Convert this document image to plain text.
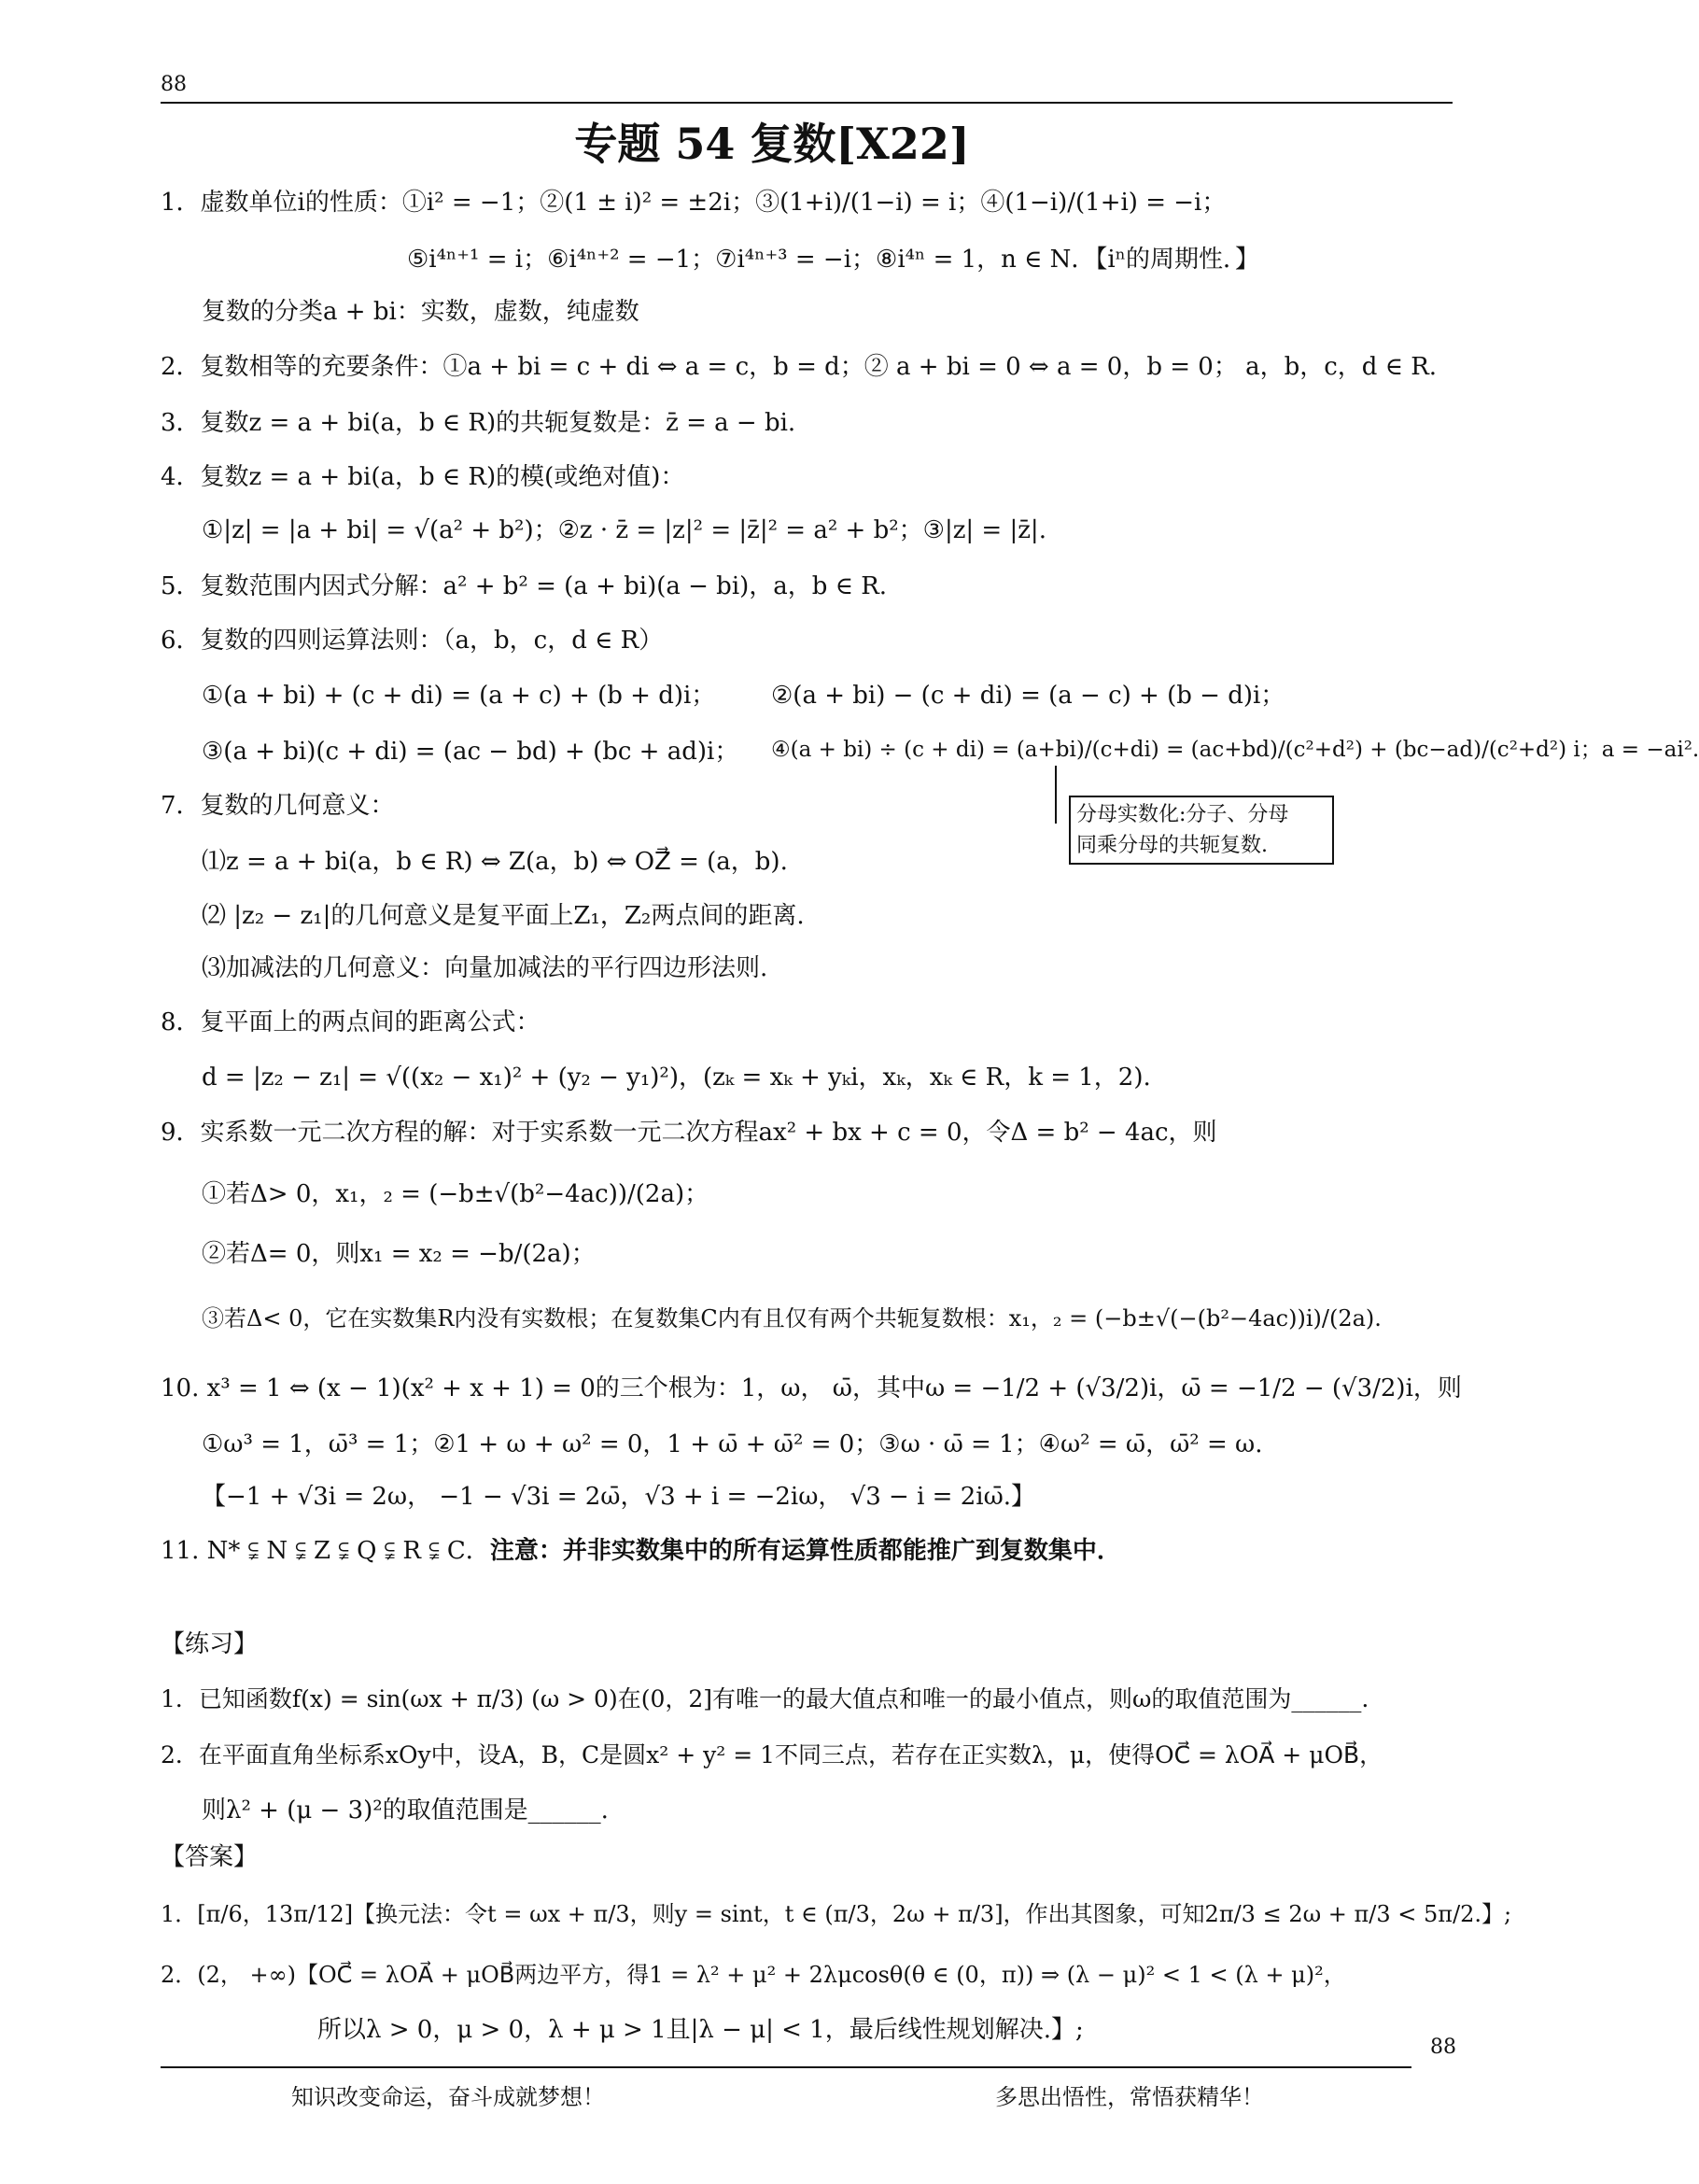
88
专题 54 复数[X22]
1．虚数单位i的性质：①i² = −1；②(1 ± i)² = ±2i；③(1+i)/(1−i) = i；④(1−i)/(1+i) = −i；
⑤i⁴ⁿ⁺¹ = i；⑥i⁴ⁿ⁺² = −1；⑦i⁴ⁿ⁺³ = −i；⑧i⁴ⁿ = 1，n ∈ N．【iⁿ的周期性．】
复数的分类a + bi：实数，虚数，纯虚数
2．复数相等的充要条件：①a + bi = c + di ⇔ a = c，b = d；② a + bi = 0 ⇔ a = 0，b = 0； a，b，c，d ∈ R.
3．复数z = a + bi(a，b ∈ R)的共轭复数是：z̄ = a − bi.
4．复数z = a + bi(a，b ∈ R)的模(或绝对值)：
①|z| = |a + bi| = √(a² + b²)；②z · z̄ = |z|² = |z̄|² = a² + b²；③|z| = |z̄|.
5．复数范围内因式分解：a² + b² = (a + bi)(a − bi)，a，b ∈ R.
6．复数的四则运算法则：（a，b，c，d ∈ R）
①(a + bi) + (c + di) = (a + c) + (b + d)i； ②(a + bi) − (c + di) = (a − c) + (b − d)i；
③(a + bi)(c + di) = (ac − bd) + (bc + ad)i； ④(a + bi) ÷ (c + di) = (a+bi)/(c+di) = (ac+bd)/(c²+d²) + (bc−ad)/(c²+d²) i；a = −ai².
分母实数化:分子、分母
同乘分母的共轭复数.
7．复数的几何意义：
⑴z = a + bi(a，b ∈ R) ⇔ Z(a，b) ⇔ OZ⃗ = (a，b).
⑵ |z₂ − z₁|的几何意义是复平面上Z₁，Z₂两点间的距离.
⑶加减法的几何意义：向量加减法的平行四边形法则.
8．复平面上的两点间的距离公式：
d = |z₂ − z₁| = √((x₂ − x₁)² + (y₂ − y₁)²)，(zₖ = xₖ + yₖi，xₖ，xₖ ∈ R，k = 1，2).
9．实系数一元二次方程的解：对于实系数一元二次方程ax² + bx + c = 0，令Δ = b² − 4ac，则
①若Δ> 0，x₁，₂ = (−b±√(b²−4ac))/(2a)；
②若Δ= 0，则x₁ = x₂ = −b/(2a)；
③若Δ< 0，它在实数集R内没有实数根；在复数集C内有且仅有两个共轭复数根：x₁，₂ = (−b±√(−(b²−4ac))i)/(2a).
10. x³ = 1 ⇔ (x − 1)(x² + x + 1) = 0的三个根为：1，ω， ω̄，其中ω = −1/2 + (√3/2)i，ω̄ = −1/2 − (√3/2)i，则
①ω³ = 1，ω̄³ = 1；②1 + ω + ω² = 0，1 + ω̄ + ω̄² = 0；③ω · ω̄ = 1；④ω² = ω̄，ω̄² = ω.
【−1 + √3i = 2ω， −1 − √3i = 2ω̄，√3 + i = −2iω， √3 − i = 2iω̄.】
11. N* ⫋ N ⫋ Z ⫋ Q ⫋ R ⫋ C．注意：并非实数集中的所有运算性质都能推广到复数集中．
【练习】
1．已知函数f(x) = sin(ωx + π/3) (ω > 0)在(0，2]有唯一的最大值点和唯一的最小值点，则ω的取值范围为______.
2．在平面直角坐标系xOy中，设A，B，C是圆x² + y² = 1不同三点，若存在正实数λ，μ，使得OC⃗ = λOA⃗ + μOB⃗，
则λ² + (μ − 3)²的取值范围是______.
【答案】
1．[π/6，13π/12]【换元法：令t = ωx + π/3，则y = sint，t ∈ (π/3，2ω + π/3]，作出其图象，可知2π/3 ≤ 2ω + π/3 < 5π/2.】;
2．(2， +∞)【OC⃗ = λOA⃗ + μOB⃗两边平方，得1 = λ² + μ² + 2λμcosθ(θ ∈ (0，π)) ⇒ (λ − μ)² < 1 < (λ + μ)²，
所以λ > 0，μ > 0，λ + μ > 1且|λ − μ| < 1，最后线性规划解决.】;
88
知识改变命运，奋斗成就梦想！	多思出悟性，常悟获精华！
